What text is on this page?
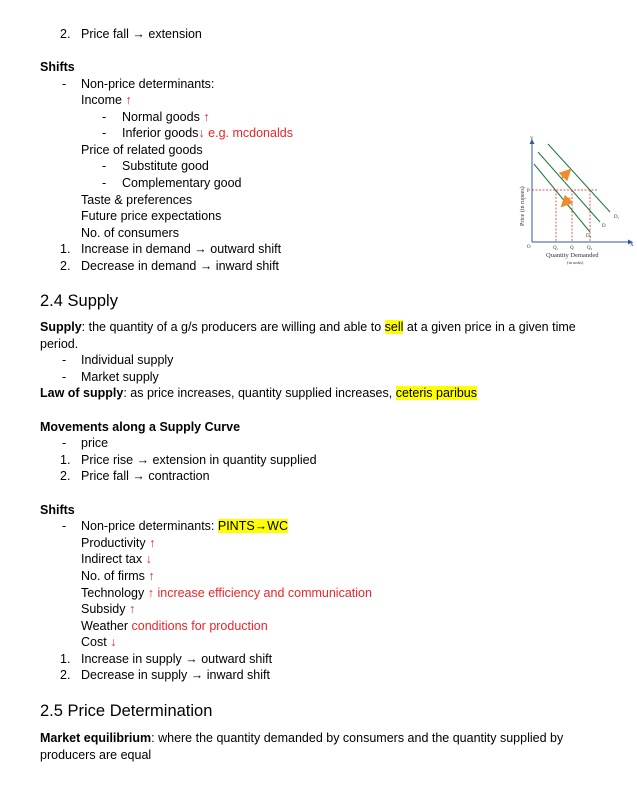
2. Price fall → extension
Shifts
- Non-price determinants:
Income ↑
- Normal goods ↑
- Inferior goods↓ e.g. mcdonalds
Price of related goods
- Substitute good
- Complementary good
Taste & preferences
Future price expectations
No. of consumers
1. Increase in demand → outward shift
2. Decrease in demand → inward shift
Y
X
O
Price (in rupees) P
D₁
D
D₂
Q₁ Q	Q₂
Quantity Demanded
(in units)
2.4 Supply
Supply: the quantity of a g/s producers are willing and able to sell at a given price in a given time period.
- Individual supply
- Market supply
Law of supply: as price increases, quantity supplied increases, ceteris paribus
Movements along a Supply Curve
- price
1. Price rise → extension in quantity supplied
2. Price fall → contraction
Shifts
- Non-price determinants: PINTS→WC
Productivity ↑
Indirect tax ↓
No. of firms ↑
Technology ↑ increase efficiency and communication
Subsidy ↑
Weather conditions for production
Cost ↓
1. Increase in supply → outward shift
2. Decrease in supply → inward shift
2.5 Price Determination
Market equilibrium: where the quantity demanded by consumers and the quantity supplied by producers are equal
